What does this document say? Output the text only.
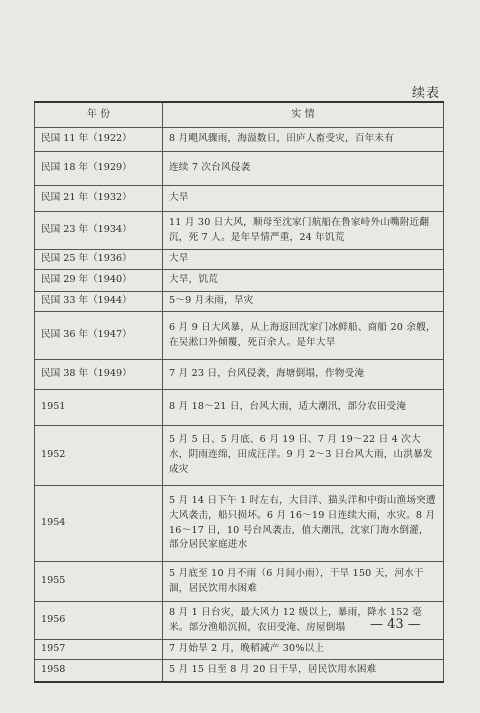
续表
年 份	实 情
民国 11 年（1922）	8 月飓风骤雨，海溢数日，田庐人畜受灾，百年未有
民国 18 年（1929）	连续 7 次台风侵袭
民国 21 年（1932）	大旱
民国 23 年（1934）	11 月 30 日大风，顺母至沈家门航船在鲁家峙外山嘴附近翻沉，死 7 人。是年旱情严重，24 年饥荒
民国 25 年（1936）	大旱
民国 29 年（1940）	大旱，饥荒
民国 33 年（1944）	5～9 月未雨，旱灾
民国 36 年（1947）	6 月 9 日大风暴，从上海返回沈家门冰鲜船、商船 20 余艘，在吴淞口外倾覆，死百余人。是年大旱
民国 38 年（1949）	7 月 23 日，台风侵袭，海塘倒塌，作物受淹
1951	8 月 18～21 日，台风大雨，适大潮汛，部分农田受淹
1952	5 月 5 日、5 月底、6 月 19 日、7 月 19～22 日 4 次大水，阴雨连绵，田成汪洋。9 月 2～3 日台风大雨，山洪暴发成灾
1954	5 月 14 日下午 1 时左右，大目洋、猫头洋和中街山渔场突遭大风袭击，船只损坏。6 月 16～19 日连续大雨，水灾。8 月 16～17 日，10 号台风袭击，值大潮汛，沈家门海水倒灌，部分居民家庭进水
1955	5 月底至 10 月不雨（6 月间小雨），干旱 150 天，河水干涸，居民饮用水困难
1956	8 月 1 日台灾，最大风力 12 级以上，暴雨，降水 152 毫米。部分渔船沉损，农田受淹、房屋倒塌
1957	7 月始旱 2 月，晚稻减产 30%以上
1958	5 月 15 日至 8 月 20 日干旱，居民饮用水困难
— 43 —
